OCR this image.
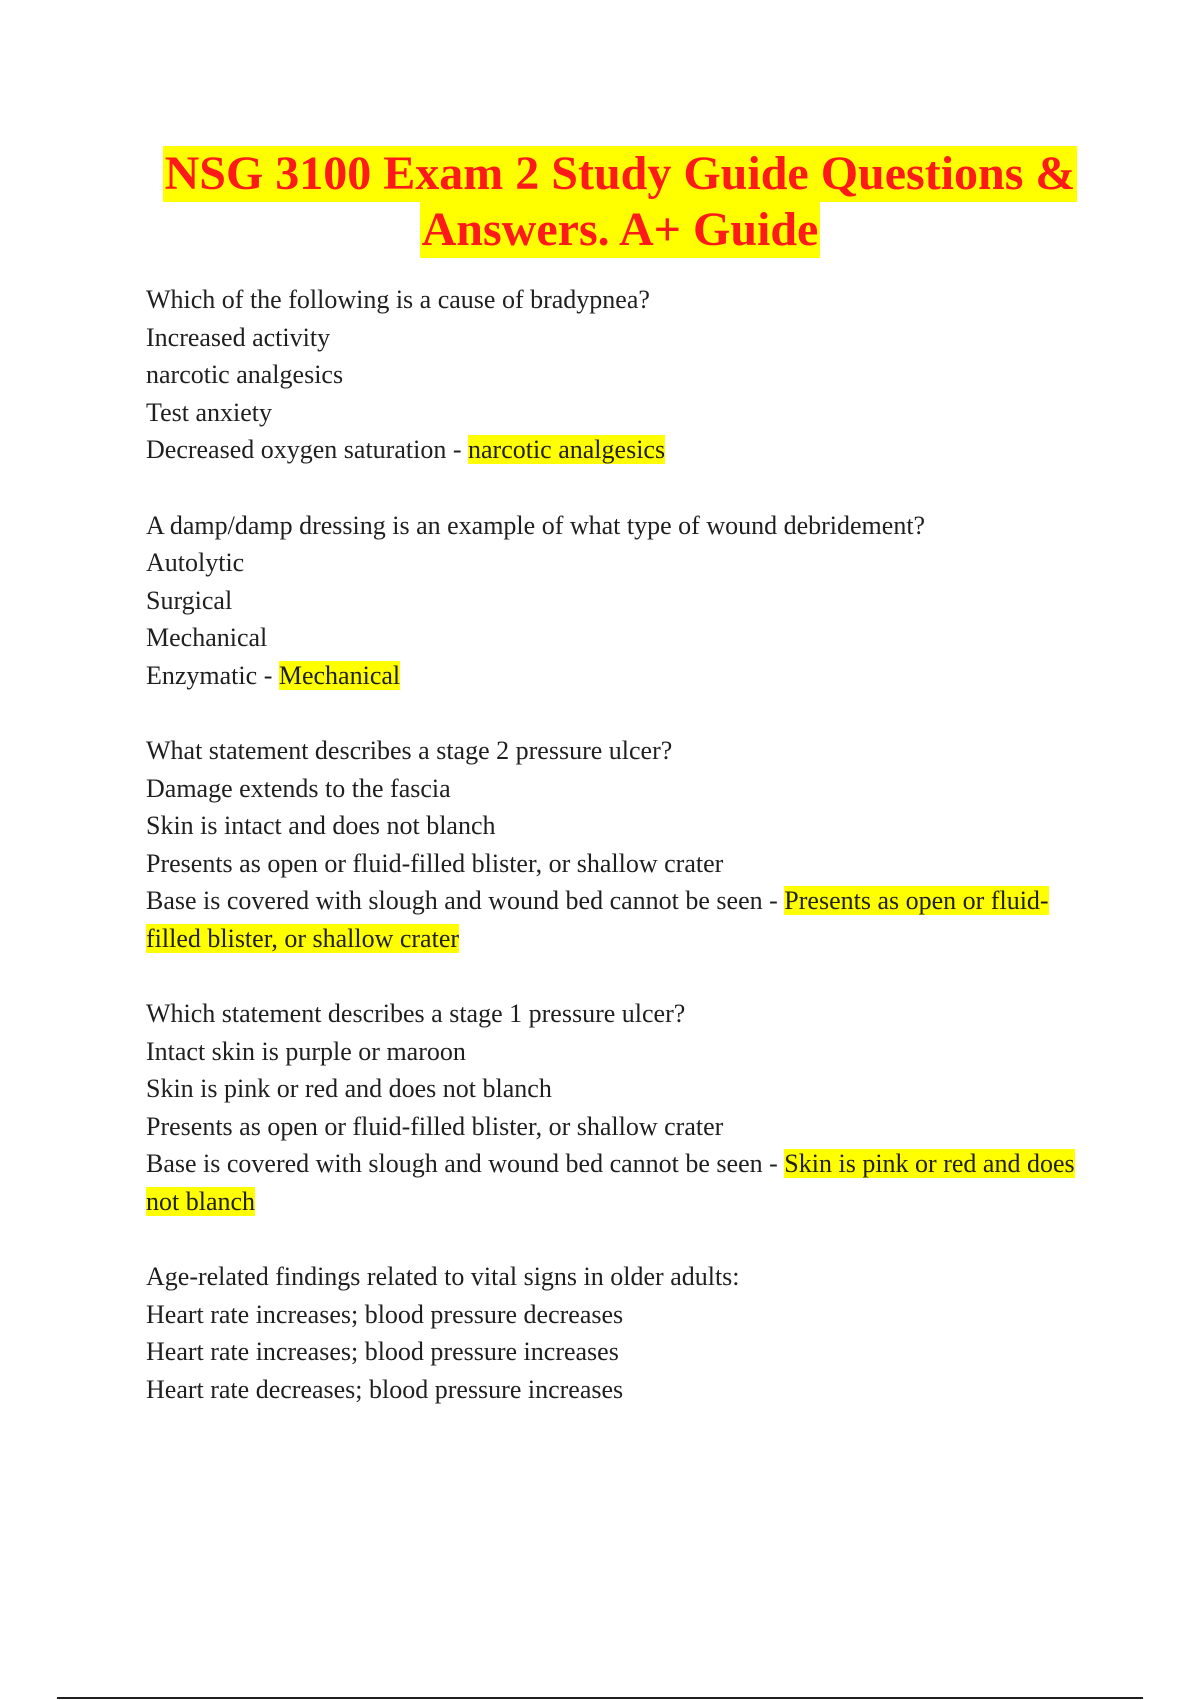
NSG 3100 Exam 2 Study Guide Questions &
Answers. A+ Guide

Which of the following is a cause of bradypnea?

Increased activity

narcotic analgesics

Test anxiety

Decreased oxygen saturation - narcotic analgesics

A damp/damp dressing is an example of what type of wound debridement?

Autolytic

Surgical

Mechanical

Enzymatic - Mechanical

What statement describes a stage 2 pressure ulcer?

Damage extends to the fascia

Skin is intact and does not blanch

Presents as open or fluid-filled blister, or shallow crater

Base is covered with slough and wound bed cannot be seen - Presents as open or fluid-filled blister, or shallow crater

Which statement describes a stage 1 pressure ulcer?

Intact skin is purple or maroon

Skin is pink or red and does not blanch

Presents as open or fluid-filled blister, or shallow crater

Base is covered with slough and wound bed cannot be seen - Skin is pink or red and does not blanch

Age-related findings related to vital signs in older adults:

Heart rate increases; blood pressure decreases

Heart rate increases; blood pressure increases

Heart rate decreases; blood pressure increases
